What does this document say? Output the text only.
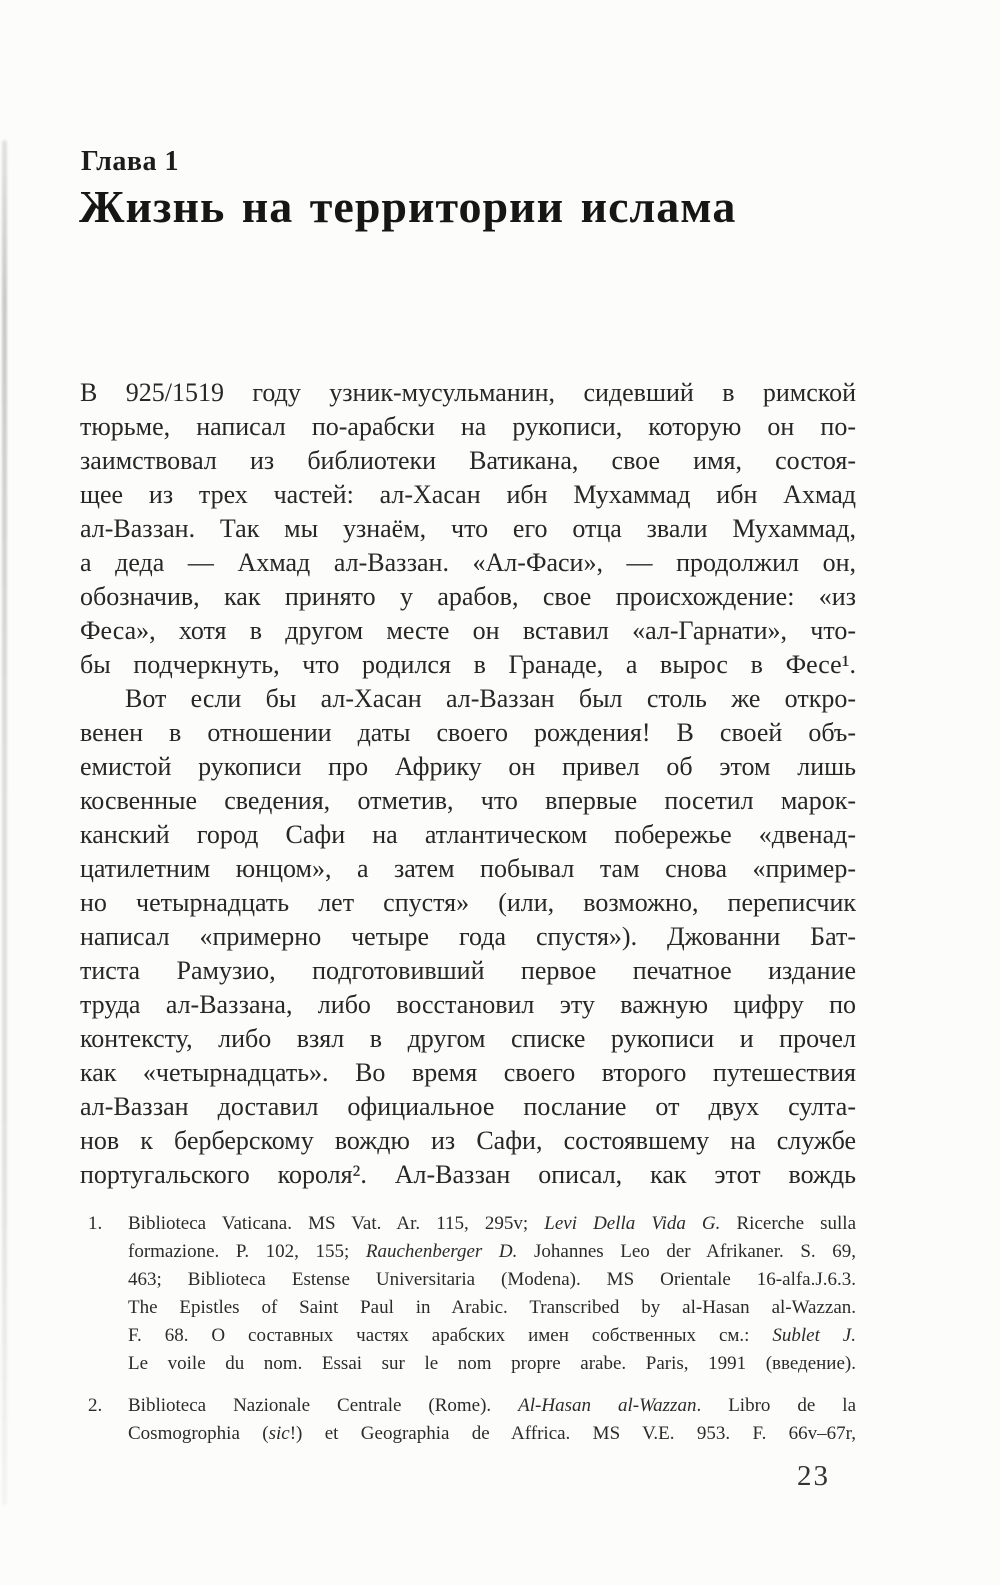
Глава 1
Жизнь на территории ислама
В 925/1519 году узник-мусульманин, сидевший в римской
тюрьме, написал по-арабски на рукописи, которую он по-
заимствовал из библиотеки Ватикана, свое имя, состоя-
щее из трех частей: ал-Хасан ибн Мухаммад ибн Ахмад
ал-Ваззан. Так мы узнаём, что его отца звали Мухаммад,
а деда — Ахмад ал-Ваззан. «Ал-Фаси», — продолжил он,
обозначив, как принято у арабов, свое происхождение: «из
Феса», хотя в другом месте он вставил «ал-Гарнати», что-
бы подчеркнуть, что родился в Гранаде, а вырос в Фесе¹.
Вот если бы ал-Хасан ал-Ваззан был столь же откро-
венен в отношении даты своего рождения! В своей объ-
емистой рукописи про Африку он привел об этом лишь
косвенные сведения, отметив, что впервые посетил марок-
канский город Сафи на атлантическом побережье «двенад-
цатилетним юнцом», а затем побывал там снова «пример-
но четырнадцать лет спустя» (или, возможно, переписчик
написал «примерно четыре года спустя»). Джованни Бат-
тиста Рамузио, подготовивший первое печатное издание
труда ал-Ваззана, либо восстановил эту важную цифру по
контексту, либо взял в другом списке рукописи и прочел
как «четырнадцать». Во время своего второго путешествия
ал-Ваззан доставил официальное послание от двух султа-
нов к берберскому вождю из Сафи, состоявшему на службе
португальского короля². Ал-Ваззан описал, как этот вождь
1. Biblioteca Vaticana. MS Vat. Ar. 115, 295v; Levi Della Vida G. Ricerche sulla
formazione. P. 102, 155; Rauchenberger D. Johannes Leo der Afrikaner. S. 69,
463; Biblioteca Estense Universitaria (Modena). MS Orientale 16-alfa.J.6.3.
The Epistles of Saint Paul in Arabic. Transcribed by al-Hasan al-Wazzan.
F. 68. О составных частях арабских имен собственных см.: Sublet J.
Le voile du nom. Essai sur le nom propre arabe. Paris, 1991 (введение).
2. Biblioteca Nazionale Centrale (Rome). Al-Hasan al-Wazzan. Libro de la
Cosmogrophia (sic!) et Geographia de Affrica. MS V.E. 953. F. 66v–67r,
23
